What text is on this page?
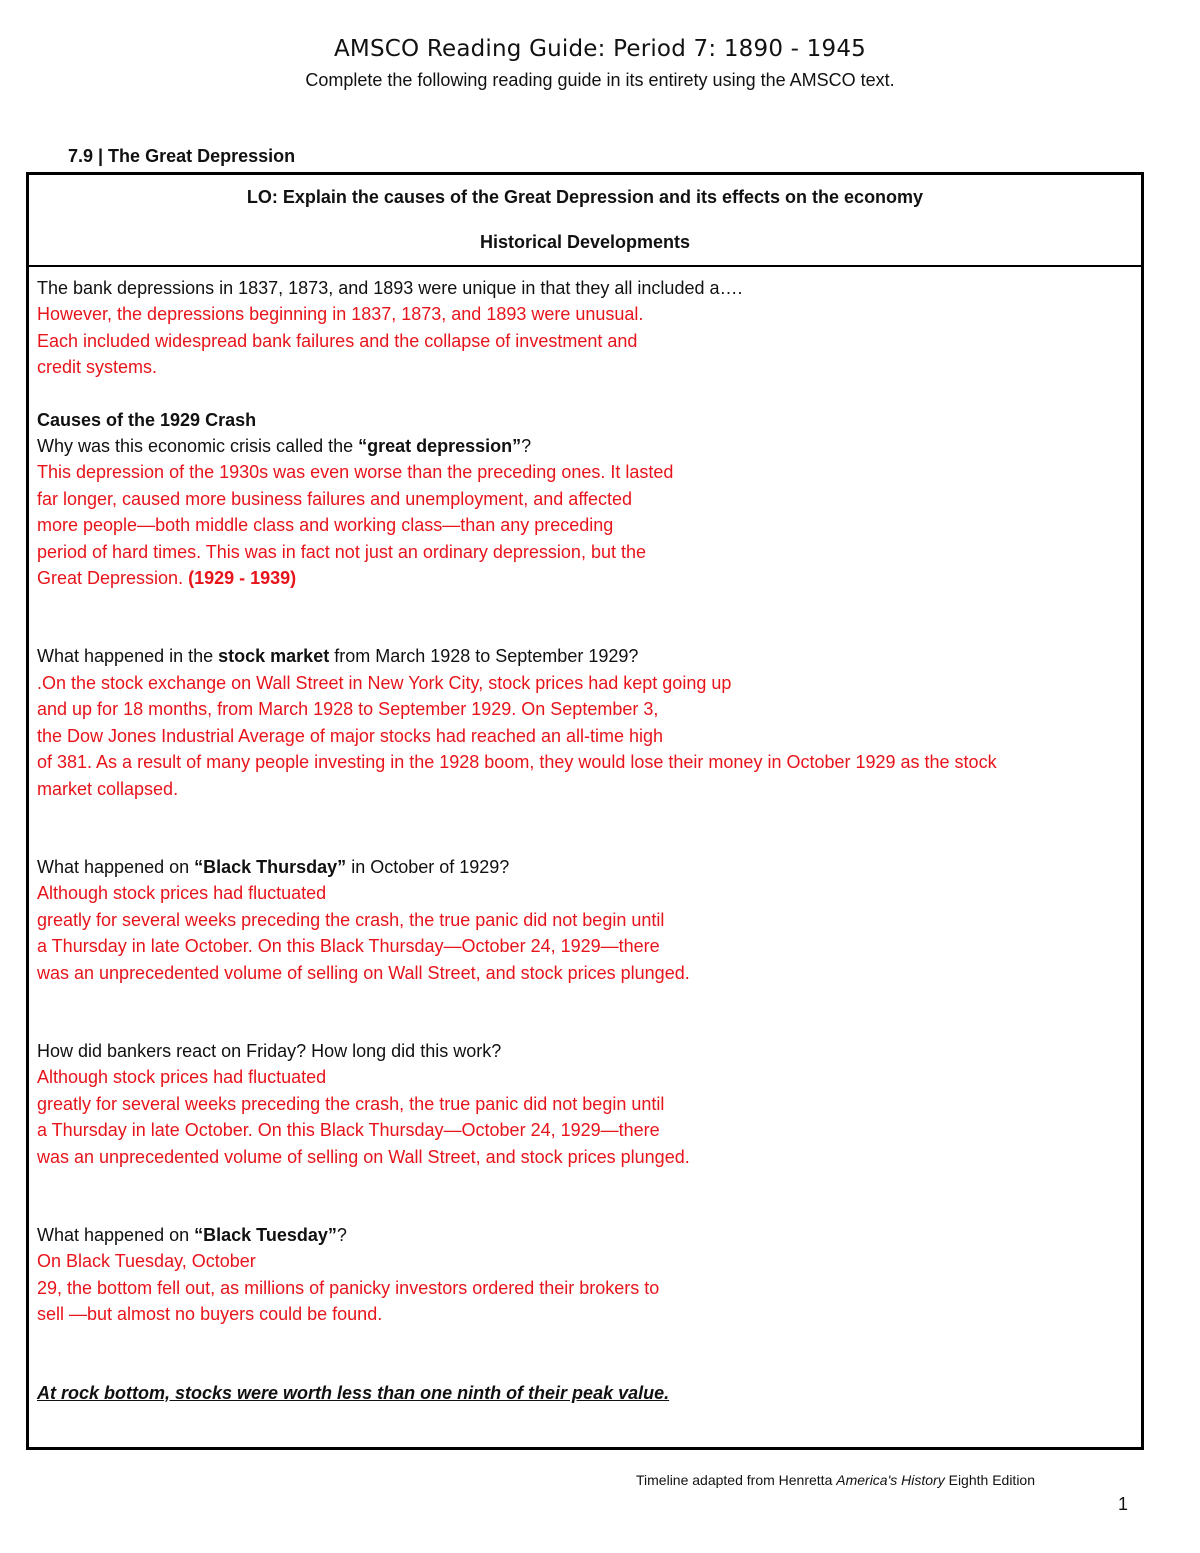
AMSCO Reading Guide: Period 7: 1890 - 1945
Complete the following reading guide in its entirety using the AMSCO text.
7.9 | The Great Depression
LO: Explain the causes of the Great Depression and its effects on the economy
Historical Developments

The bank depressions in 1837, 1873, and 1893 were unique in that they all included a….

However, the depressions beginning in 1837, 1873, and 1893 were unusual.

Each included widespread bank failures and the collapse of investment and

credit systems.

Causes of the 1929 Crash

Why was this economic crisis called the “great depression”?

This depression of the 1930s was even worse than the preceding ones. It lasted

far longer, caused more business failures and unemployment, and affected

more people—both middle class and working class—than any preceding

period of hard times. This was in fact not just an ordinary depression, but the

Great Depression. (1929 - 1939)

What happened in the stock market from March 1928 to September 1929?

.On the stock exchange on Wall Street in New York City, stock prices had kept going up

and up for 18 months, from March 1928 to September 1929. On September 3,

the Dow Jones Industrial Average of major stocks had reached an all-time high

of 381. As a result of many people investing in the 1928 boom, they would lose their money in October 1929 as the stock

market collapsed.

What happened on “Black Thursday” in October of 1929?

Although stock prices had fluctuated

greatly for several weeks preceding the crash, the true panic did not begin until

a Thursday in late October. On this Black Thursday—October 24, 1929—there

was an unprecedented volume of selling on Wall Street, and stock prices plunged.

How did bankers react on Friday? How long did this work?

Although stock prices had fluctuated

greatly for several weeks preceding the crash, the true panic did not begin until

a Thursday in late October. On this Black Thursday—October 24, 1929—there

was an unprecedented volume of selling on Wall Street, and stock prices plunged.

What happened on “Black Tuesday”?

On Black Tuesday, October

29, the bottom fell out, as millions of panicky investors ordered their brokers to

sell —but almost no buyers could be found.

At rock bottom, stocks were worth less than one ninth of their peak value.

Timeline adapted from Henretta America's History Eighth Edition
1
